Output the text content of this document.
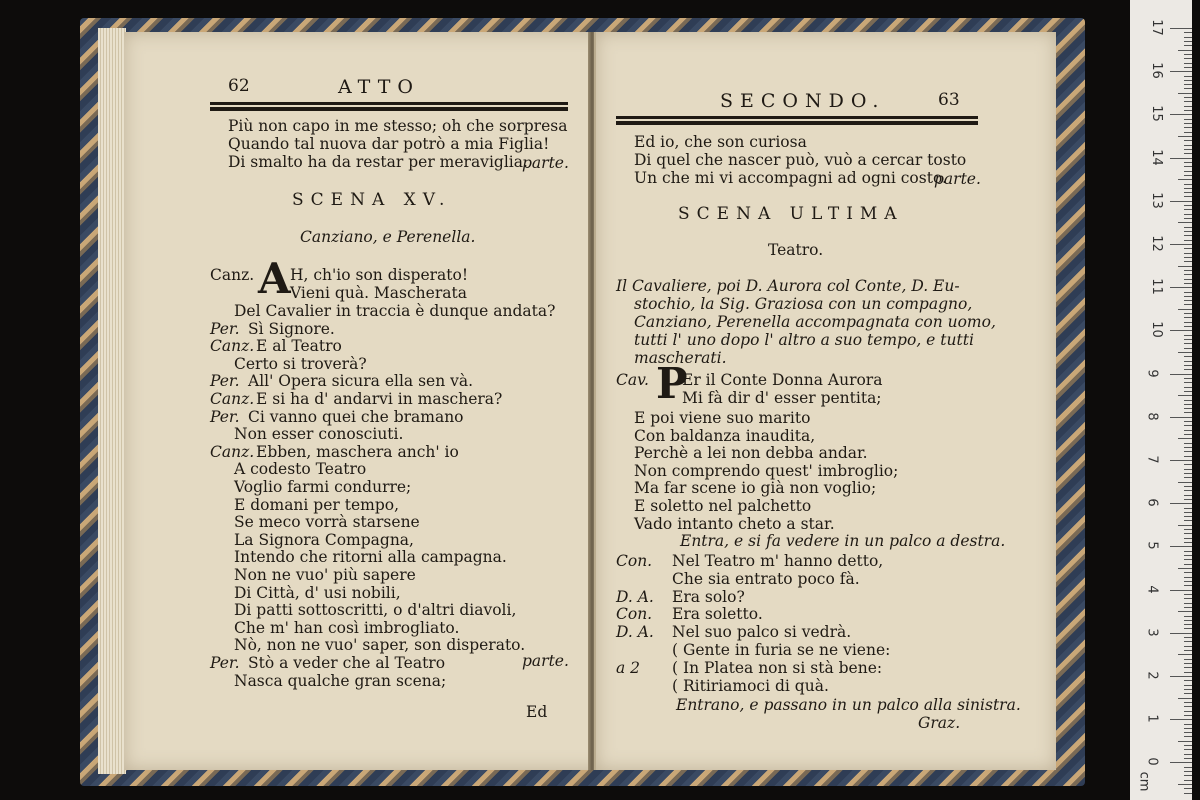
62	ATTO
Più non capo in me stesso; oh che sorpresa
Quando tal nuova dar potrò a mia Figlia!
Di smalto ha da restar per meraviglia.
parte.
SCENA XV.
Canziano, e Perenella.
Canz. A H, ch'io son disperato!
Vieni quà. Mascherata
parte.
Ed
Del Cavalier in traccia è dunque andata?
Per. Sì Signore.
Canz. E al Teatro
Certo si troverà?
Per. All' Opera sicura ella sen và.
Canz. E si ha d' andarvi in maschera?
Per. Ci vanno quei che bramano
Non esser conosciuti.
Canz. Ebben, maschera anch' io
A codesto Teatro
Voglio farmi condurre;
E domani per tempo,
Se meco vorrà starsene
La Signora Compagna,
Intendo che ritorni alla campagna.
Non ne vuo' più sapere
Di Città, d' usi nobili,
Di patti sottoscritti, o d'altri diavoli,
Che m' han così imbrogliato.
Nò, non ne vuo' saper, son disperato.
Per. Stò a veder che al Teatro
Nasca qualche gran scena;
SECONDO.	63
Ed io, che son curiosa
Di quel che nascer può, vuò a cercar tosto
Un che mi vi accompagni ad ogni costo.
parte.
SCENA ULTIMA
Teatro.
Il Cavaliere, poi D. Aurora col Conte, D. Eu-
stochio, la Sig. Graziosa con un compagno,
Canziano, Perenella accompagnata con uomo,
tutti l' uno dopo l' altro a suo tempo, e tutti
mascherati.
Cav. P
Er il Conte Donna Aurora
Mi fà dir d' esser pentita;
Entra, e si fa vedere in un palco a destra.
Entrano, e passano in un palco alla sinistra.
Graz.
E poi viene suo marito
Con baldanza inaudita,
Perchè a lei non debba andar.
Non comprendo quest' imbroglio;
Ma far scene io già non voglio;
E soletto nel palchetto
Vado intanto cheto a star.
Con. Nel Teatro m' hanno detto,
Che sia entrato poco fà.
D. A. Era solo?
Con. Era soletto.
D. A. Nel suo palco si vedrà.
( Gente in furia se ne viene:
a 2 ( In Platea non si stà bene:
( Ritiriamoci di quà.
17
16
15
14
13
12
11
10
9
8
7
6
5
4
3
2
1
0
cm
